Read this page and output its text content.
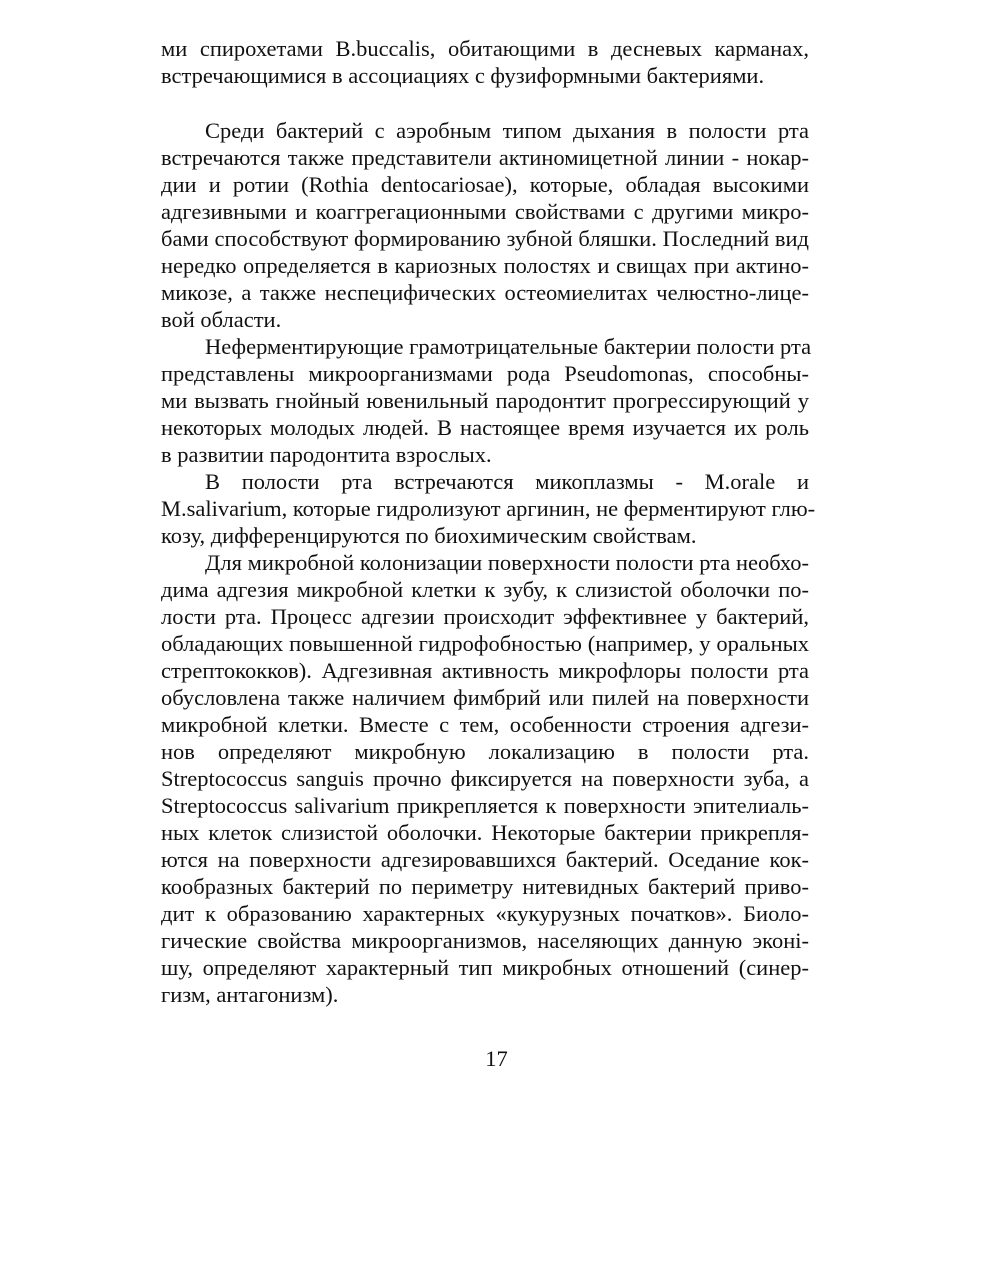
ми спирохетами B.buccalis, обитающими в десневых карманах,
встречающимися в ассоциациях с фузиформными бактериями.
Среди бактерий с аэробным типом дыхания в полости рта
встречаются также представители актиномицетной линии - нокар-
дии и ротии (Rothia dentocariosae), которые, обладая высокими
адгезивными и коаггрегационными свойствами с другими микро-
бами способствуют формированию зубной бляшки. Последний вид
нередко определяется в кариозных полостях и свищах при актино-
микозе, а также неспецифических остеомиелитах челюстно-лице-
вой области.
Неферментирующие грамотрицательные бактерии полости рта
представлены микроорганизмами рода Pseudomonas, способны-
ми вызвать гнойный ювенильный пародонтит прогрессирующий у
некоторых молодых людей. В настоящее время изучается их роль
в развитии пародонтита взрослых.
В полости рта встречаются микоплазмы - M.orale и
M.salivarium, которые гидролизуют аргинин, не ферментируют глю-
козу, дифференцируются по биохимическим свойствам.
Для микробной колонизации поверхности полости рта необхо-
дима адгезия микробной клетки к зубу, к слизистой оболочки по-
лости рта. Процесс адгезии происходит эффективнее у бактерий,
обладающих повышенной гидрофобностью (например, у оральных
стрептококков). Адгезивная активность микрофлоры полости рта
обусловлена также наличием фимбрий или пилей на поверхности
микробной клетки. Вместе с тем, особенности строения адгези-
нов определяют микробную локализацию в полости рта.
Streptococcus sanguis прочно фиксируется на поверхности зуба, а
Streptococcus salivarium прикрепляется к поверхности эпителиаль-
ных клеток слизистой оболочки. Некоторые бактерии прикрепля-
ются на поверхности адгезировавшихся бактерий. Оседание кок-
кообразных бактерий по периметру нитевидных бактерий приво-
дит к образованию характерных «кукурузных початков». Биоло-
гические свойства микроорганизмов, населяющих данную эконі-
шу, определяют характерный тип микробных отношений (синер-
гизм, антагонизм).
17
